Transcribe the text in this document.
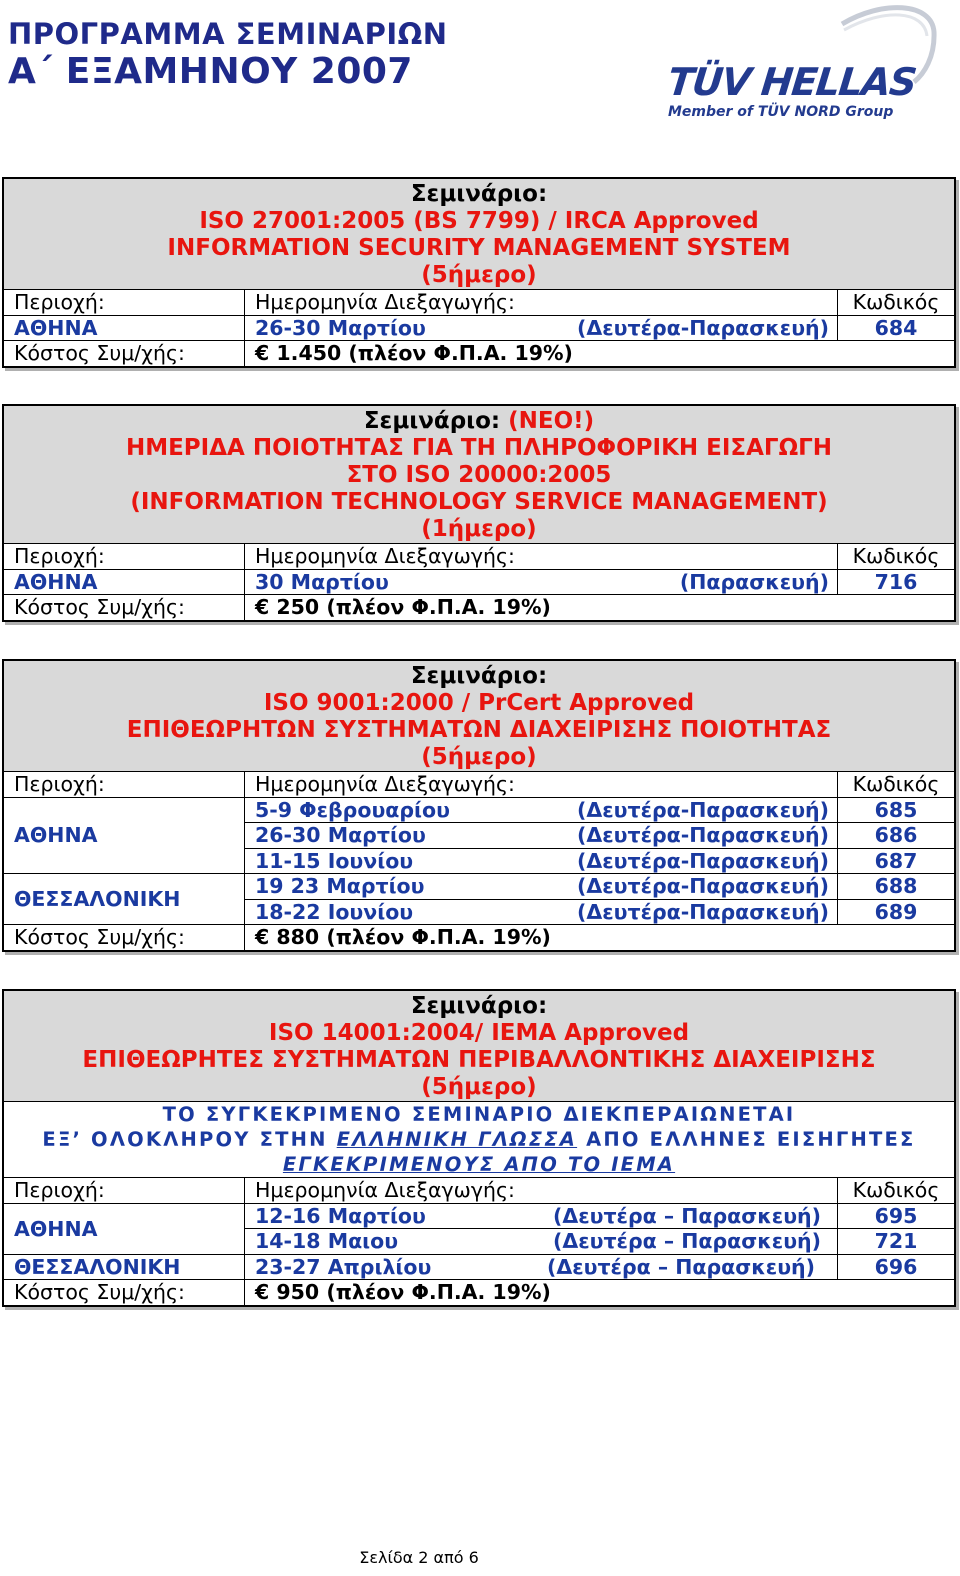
ΠΡΟΓΡΑΜΜΑ ΣΕΜΙΝΑΡΙΩΝ
Α΄ ΕΞΑΜΗΝΟΥ 2007	TÜV HELLAS
Member of TÜV NORD Group
Σεμινάριο:
ISO 27001:2005 (BS 7799) / IRCA Approved
INFORMATION SECURITY MANAGEMENT SYSTEM
(5ήμερο)
Περιοχή:	Ημερομηνία Διεξαγωγής:	Κωδικός
ΑΘΗΝΑ	26-30 Μαρτίου (Δευτέρα-Παρασκευή)	684
Κόστος Συμ/χής:	€ 1.450 (πλέον Φ.Π.Α. 19%)	
Σεμινάριο: (ΝΕΟ!)
ΗΜΕΡΙΔΑ ΠΟΙΟΤΗΤΑΣ ΓΙΑ ΤΗ ΠΛΗΡΟΦΟΡΙΚΗ ΕΙΣΑΓΩΓΗ
ΣΤΟ ISO 20000:2005
(INFORMATION TECHNOLOGY SERVICE MANAGEMENT)
(1ήμερο)
Περιοχή:	Ημερομηνία Διεξαγωγής:	Κωδικός
ΑΘΗΝΑ	30 Μαρτίου (Παρασκευή)	716
Κόστος Συμ/χής:	€ 250 (πλέον Φ.Π.Α. 19%)	
Σεμινάριο:
ISO 9001:2000 / PrCert Approved
ΕΠΙΘΕΩΡΗΤΩΝ ΣΥΣΤΗΜΑΤΩΝ ΔΙΑΧΕΙΡΙΣΗΣ ΠΟΙΟΤΗΤΑΣ
(5ήμερο)
Περιοχή:	Ημερομηνία Διεξαγωγής:	Κωδικός
ΑΘΗΝΑ	5-9 Φεβρουαρίου (Δευτέρα-Παρασκευή)	685
	26-30 Μαρτίου (Δευτέρα-Παρασκευή)	686
	11-15 Ιουνίου (Δευτέρα-Παρασκευή)	687
ΘΕΣΣΑΛΟΝΙΚΗ	19 23 Μαρτίου (Δευτέρα-Παρασκευή)	688
	18-22 Ιουνίου (Δευτέρα-Παρασκευή)	689
Κόστος Συμ/χής:	€ 880 (πλέον Φ.Π.Α. 19%)	
Σεμινάριο:
ISO 14001:2004/ IEMA Approved
ΕΠΙΘΕΩΡΗΤΕΣ ΣΥΣΤΗΜΑΤΩΝ ΠΕΡΙΒΑΛΛΟΝΤΙΚΗΣ ΔΙΑΧΕΙΡΙΣΗΣ
(5ήμερο)
ΤΟ ΣΥΓΚΕΚΡΙΜΕΝΟ ΣΕΜΙΝΑΡΙΟ ΔΙΕΚΠΕΡΑΙΩΝΕΤΑΙ
ΕΞ’ ΟΛΟΚΛΗΡΟΥ ΣΤΗΝ ΕΛΛΗΝΙΚΗ ΓΛΩΣΣΑ ΑΠΟ ΕΛΛΗΝΕΣ ΕΙΣΗΓΗΤΕΣ
ΕΓΚΕΚΡΙΜΕΝΟΥΣ ΑΠΟ ΤΟ ΙΕΜΑ
Περιοχή:	Ημερομηνία Διεξαγωγής:	Κωδικός
ΑΘΗΝΑ	12-16 Μαρτίου (Δευτέρα – Παρασκευή)	695
	14-18 Μαιου (Δευτέρα – Παρασκευή)	721
ΘΕΣΣΑΛΟΝΙΚΗ	23-27 Απριλίου (Δευτέρα – Παρασκευή)	696
Κόστος Συμ/χής:	€ 950 (πλέον Φ.Π.Α. 19%)	
Σελίδα 2 από 6
